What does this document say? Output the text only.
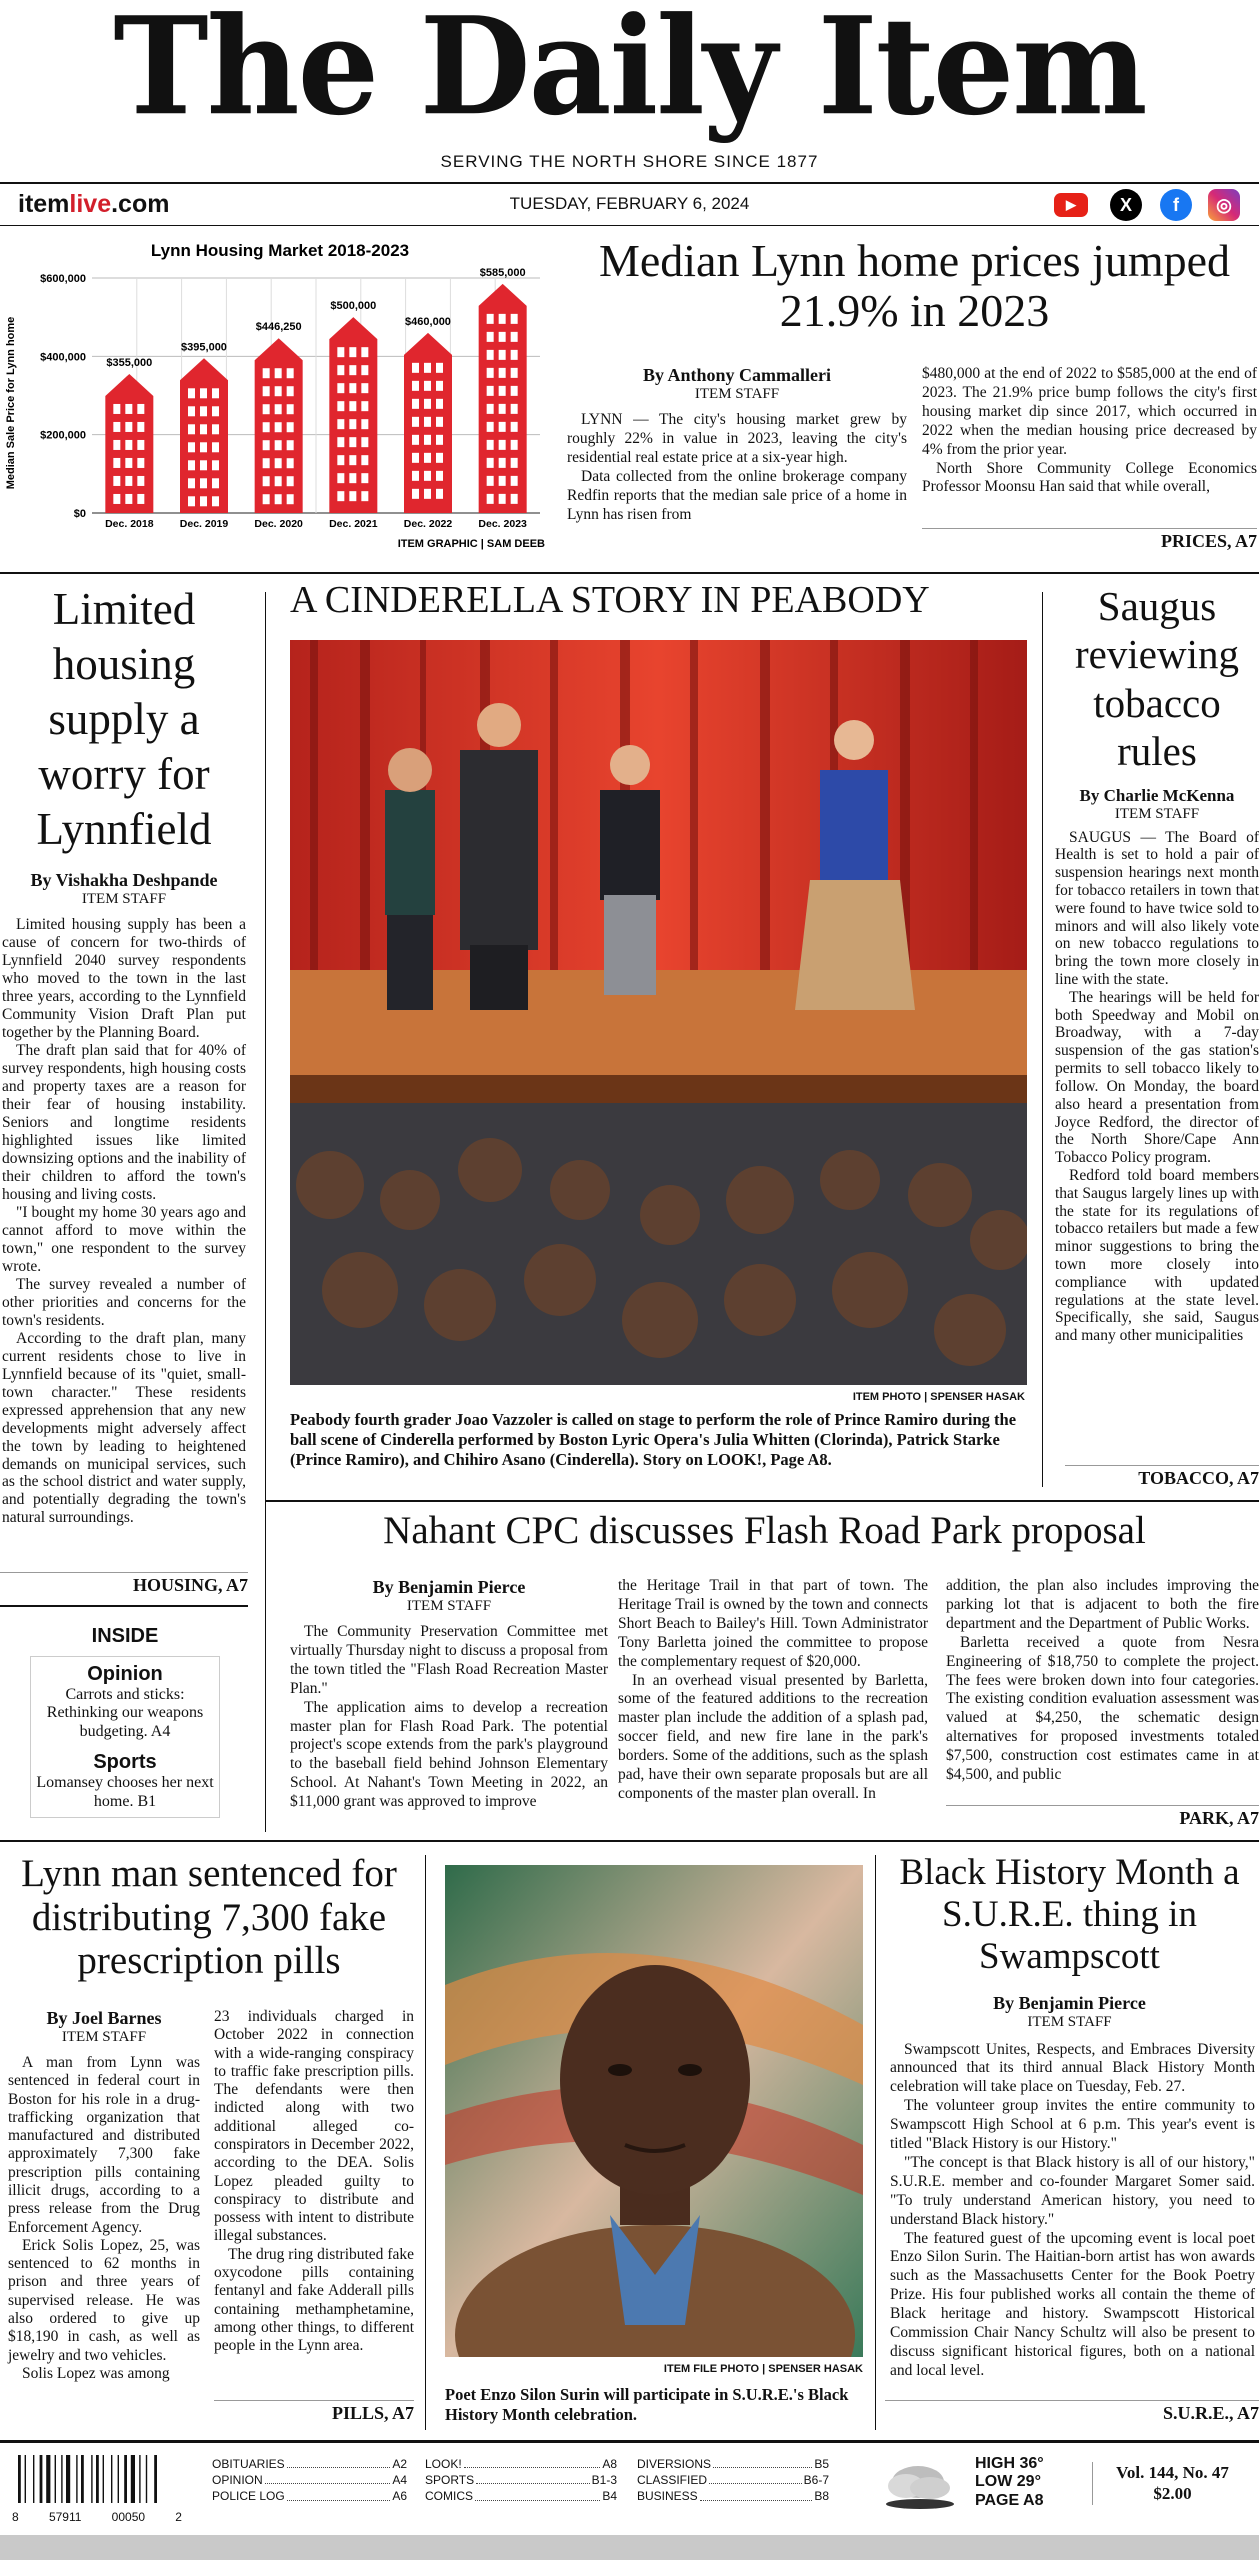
The Daily Item
SERVING THE NORTH SHORE SINCE 1877
itemlive.com	TUESDAY, FEBRUARY 6, 2024	▶	X	f	◎
Lynn Housing Market 2018-2023
Median Sale Price for Lynn home
$0
$200,000
$400,000
$600,000
$355,000
Dec. 2018
$395,000
Dec. 2019
$446,250
Dec. 2020
$500,000
Dec. 2021
$460,000
Dec. 2022
$585,000
Dec. 2023
ITEM GRAPHIC | SAM DEEB
Median Lynn home prices jumped 21.9% in 2023
By Anthony Cammalleri
ITEM STAFF

LYNN — The city's housing market grew by roughly 22% in value in 2023, leaving the city's residential real estate price at a six-year high.

Data collected from the online brokerage company Redfin reports that the median sale price of a home in Lynn has risen from

$480,000 at the end of 2022 to $585,000 at the end of 2023. The 21.9% price bump follows the city's first housing market dip since 2017, which occurred in 2022 when the median housing price decreased by 4% from the prior year.

North Shore Community College Economics Professor Moonsu Han said that while overall,

PRICES, A7
Limited housing supply a worry for Lynnfield
By Vishakha Deshpande
ITEM STAFF

Limited housing supply has been a cause of concern for two-thirds of Lynnfield 2040 survey respondents who moved to the town in the last three years, according to the Lynnfield Community Vision Draft Plan put together by the Planning Board.

The draft plan said that for 40% of survey respondents, high housing costs and property taxes are a reason for their fear of housing instability. Seniors and longtime residents highlighted issues like limited downsizing options and the inability of their children to afford the town's housing and living costs.

"I bought my home 30 years ago and cannot afford to move within the town," one respondent to the survey wrote.

The survey revealed a number of other priorities and concerns for the town's residents.

According to the draft plan, many current residents chose to live in Lynnfield because of its "quiet, small-town character." These residents expressed apprehension that any new developments might adversely affect the town by leading to heightened demands on municipal services, such as the school district and water supply, and potentially degrading the town's natural surroundings.

HOUSING, A7
INSIDE
Opinion
Carrots and sticks: Rethinking our weapons budgeting. A4
Sports
Lomansey chooses her next home. B1
A CINDERELLA STORY IN PEABODY
ITEM PHOTO | SPENSER HASAK
Peabody fourth grader Joao Vazzoler is called on stage to perform the role of Prince Ramiro during the ball scene of Cinderella performed by Boston Lyric Opera's Julia Whitten (Clorinda), Patrick Starke (Prince Ramiro), and Chihiro Asano (Cinderella). Story on LOOK!, Page A8.
Saugus reviewing tobacco rules
By Charlie McKenna
ITEM STAFF

SAUGUS — The Board of Health is set to hold a pair of suspension hearings next month for tobacco retailers in town that were found to have twice sold to minors and will also likely vote on new tobacco regulations to bring the town more closely in line with the state.

The hearings will be held for both Speedway and Mobil on Broadway, with a 7-day suspension of the gas station's permits to sell tobacco likely to follow. On Monday, the board also heard a presentation from Joyce Redford, the director of the North Shore/Cape Ann Tobacco Policy program.

Redford told board members that Saugus largely lines up with the state for its regulations of tobacco retailers but made a few minor suggestions to bring the town more closely into compliance with updated regulations at the state level. Specifically, she said, Saugus and many other municipalities

TOBACCO, A7
Nahant CPC discusses Flash Road Park proposal
By Benjamin Pierce
ITEM STAFF

The Community Preservation Committee met virtually Thursday night to discuss a proposal from the town titled the "Flash Road Recreation Master Plan."

The application aims to develop a recreation master plan for Flash Road Park. The potential project's scope extends from the park's playground to the baseball field behind Johnson Elementary School. At Nahant's Town Meeting in 2022, an $11,000 grant was approved to improve

the Heritage Trail in that part of town. The Heritage Trail is owned by the town and connects Short Beach to Bailey's Hill. Town Administrator Tony Barletta joined the committee to propose the complementary request of $20,000.

In an overhead visual presented by Barletta, some of the featured additions to the recreation master plan include the addition of a splash pad, soccer field, and new fire lane in the park's borders. Some of the additions, such as the splash pad, have their own separate proposals but are all components of the master plan overall. In

addition, the plan also includes improving the parking lot that is adjacent to both the fire department and the Department of Public Works.

Barletta received a quote from Nesra Engineering of $18,750 to complete the project. The fees were broken down into four categories. The existing condition evaluation assessment was valued at $4,250, the schematic design alternatives for proposed investments totaled $7,500, construction cost estimates came in at $4,500, and public

PARK, A7
Lynn man sentenced for distributing 7,300 fake prescription pills
By Joel Barnes
ITEM STAFF

A man from Lynn was sentenced in federal court in Boston for his role in a drug-trafficking organization that manufactured and distributed approximately 7,300 fake prescription pills containing illicit drugs, according to a press release from the Drug Enforcement Agency.

Erick Solis Lopez, 25, was sentenced to 62 months in prison and three years of supervised release. He was also ordered to give up $18,190 in cash, as well as jewelry and two vehicles.

Solis Lopez was among

23 individuals charged in October 2022 in connection with a wide-ranging conspiracy to traffic fake prescription pills. The defendants were then indicted along with two additional alleged co-conspirators in December 2022, according to the DEA. Solis Lopez pleaded guilty to conspiracy to distribute and possess with intent to distribute illegal substances.

The drug ring distributed fake oxycodone pills containing fentanyl and fake Adderall pills containing methamphetamine, among other things, to different people in the Lynn area.

PILLS, A7
ITEM FILE PHOTO | SPENSER HASAK
Poet Enzo Silon Surin will participate in S.U.R.E.'s Black History Month celebration.
Black History Month a S.U.R.E. thing in Swampscott
By Benjamin Pierce
ITEM STAFF

Swampscott Unites, Respects, and Embraces Diversity announced that its third annual Black History Month celebration will take place on Tuesday, Feb. 27.

The volunteer group invites the entire community to Swampscott High School at 6 p.m. This year's event is titled "Black History is our History."

"The concept is that Black history is all of our history," S.U.R.E. member and co-founder Margaret Somer said. "To truly understand American history, you need to understand Black history."

The featured guest of the upcoming event is local poet Enzo Silon Surin. The Haitian-born artist has won awards such as the Massachusetts Center for the Book Poetry Prize. His four published works all contain the theme of Black heritage and history. Swampscott Historical Commission Chair Nancy Schultz will also be present to discuss significant historical figures, both on a national and local level.

S.U.R.E., A7
8	57911	00050	2
OBITUARIES	A2
OPINION	A4
POLICE LOG	A6
LOOK!	A8
SPORTS	B1-3
COMICS	B4
DIVERSIONS	B5
CLASSIFIED	B6-7
BUSINESS	B8
HIGH 36°
LOW 29°
PAGE A8
Vol. 144, No. 47
$2.00
